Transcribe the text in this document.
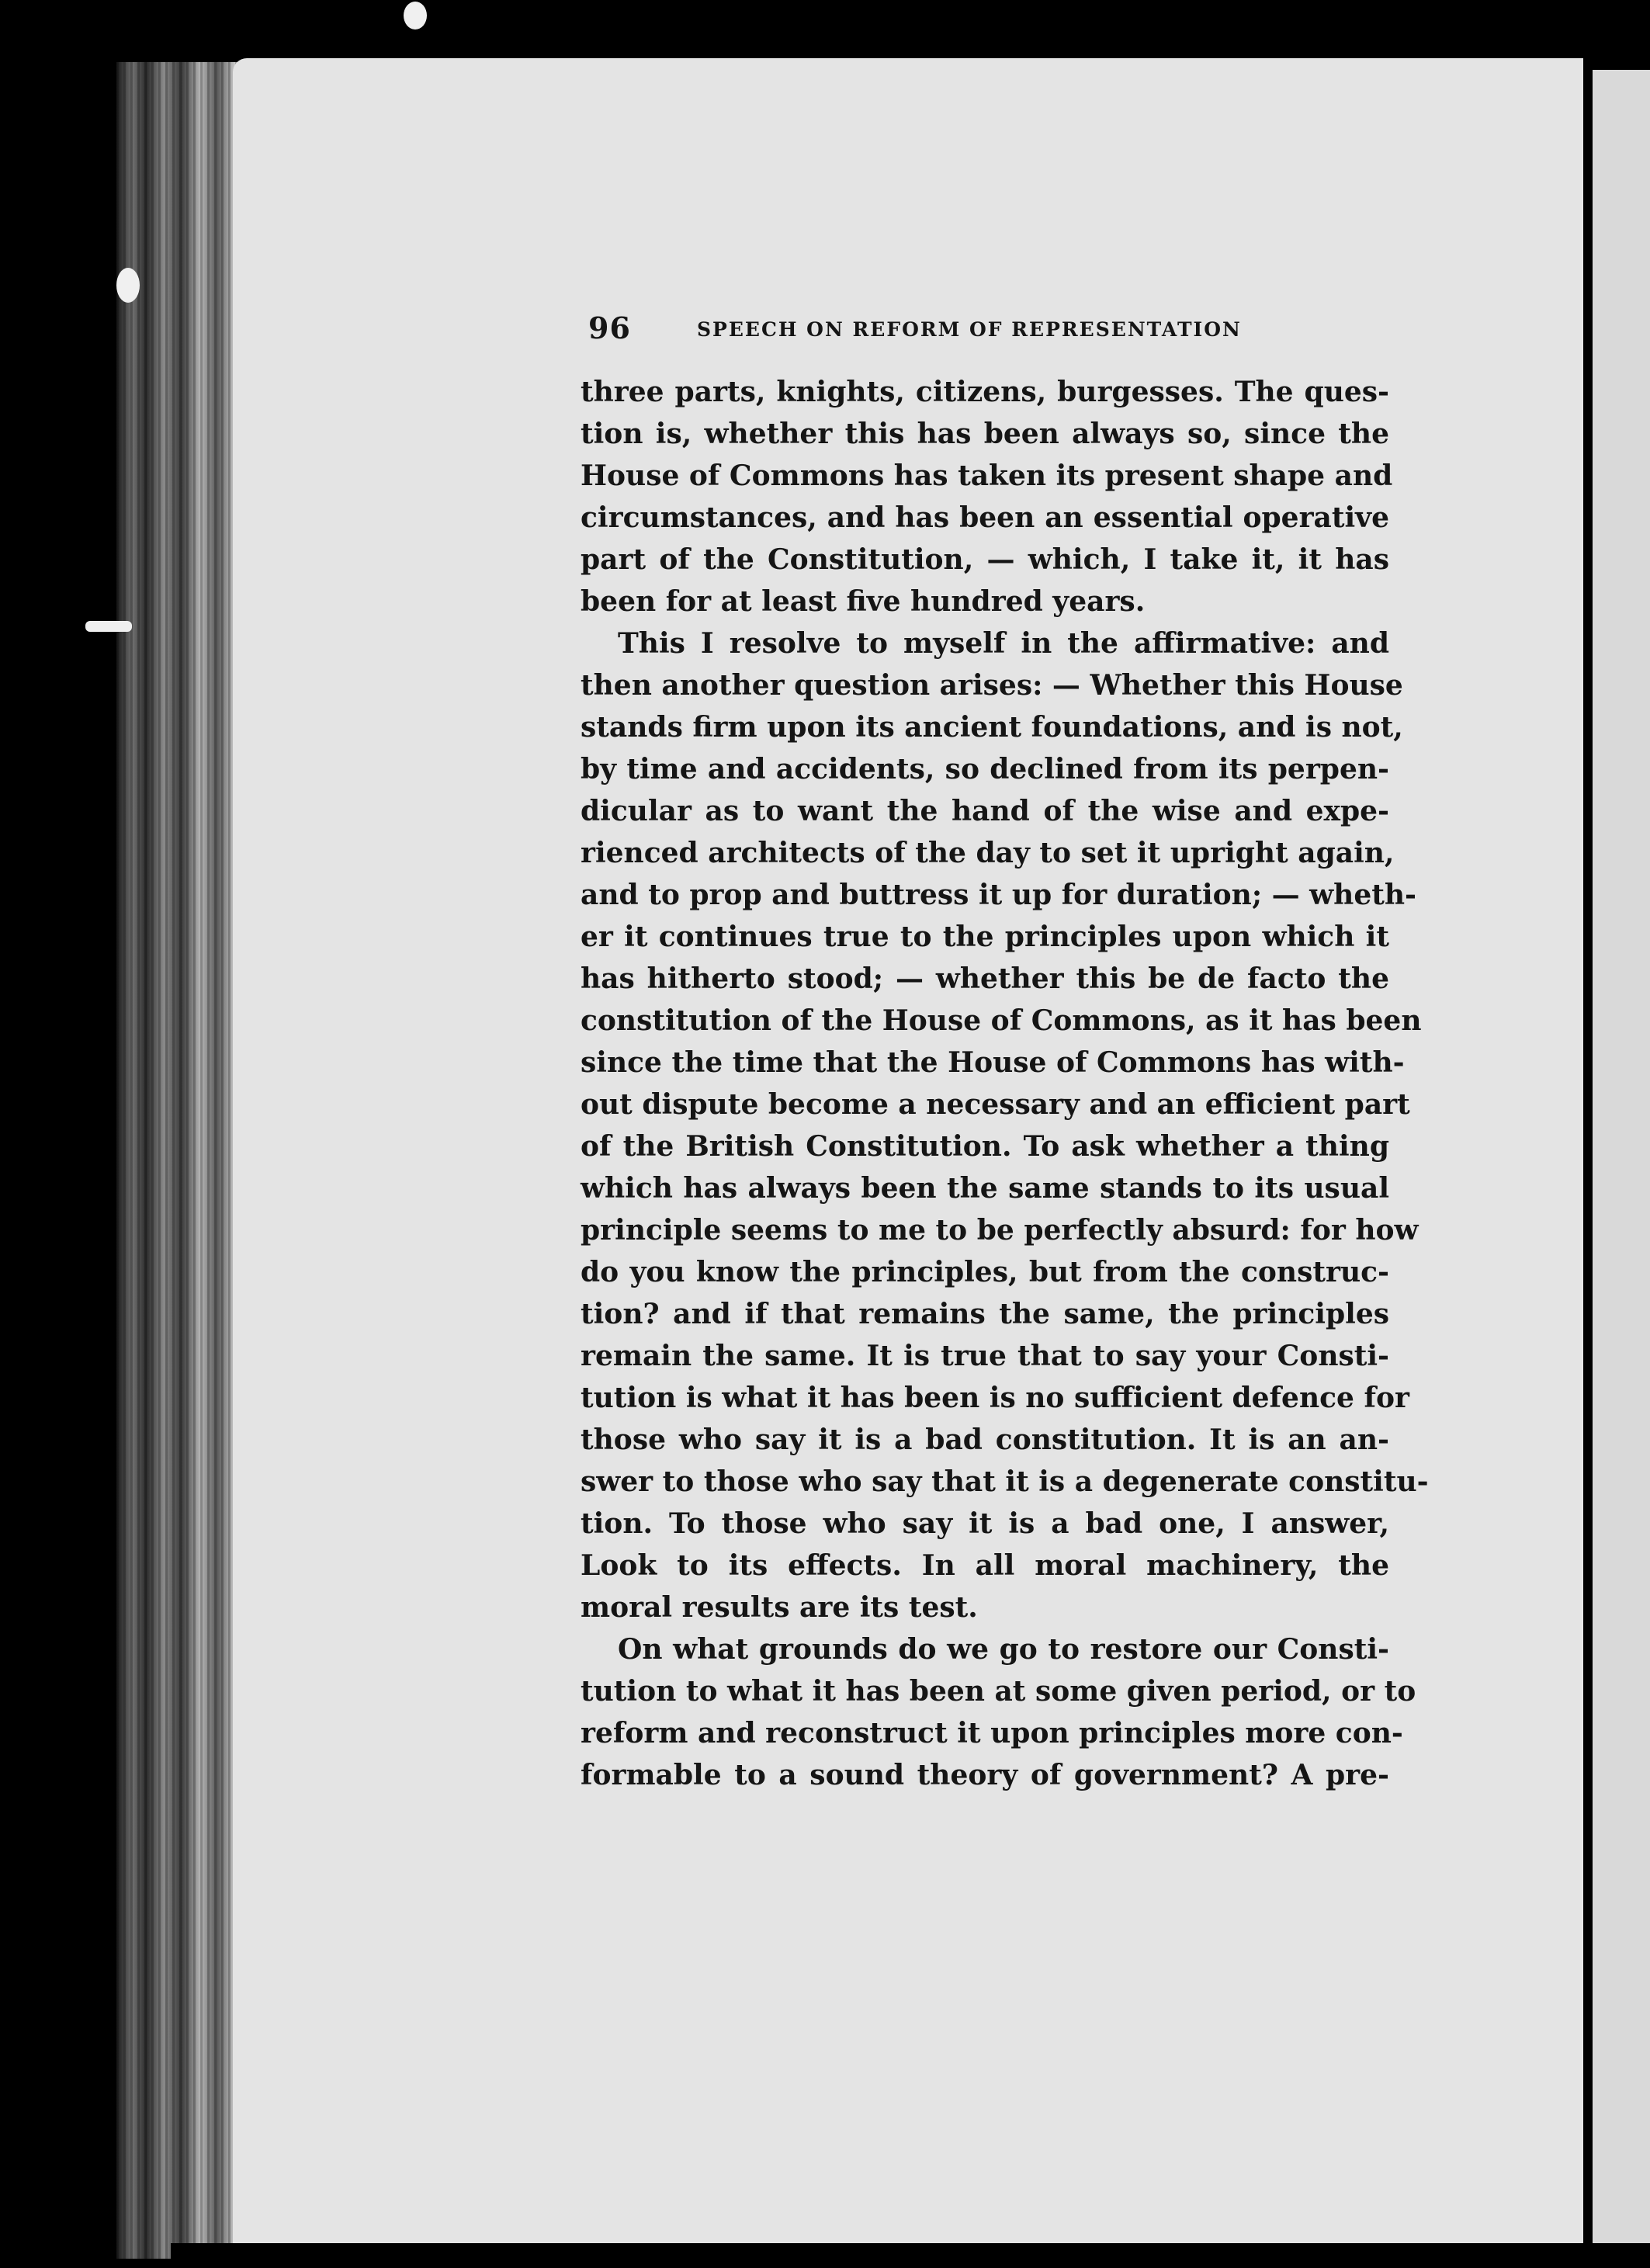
96	SPEECH ON REFORM OF REPRESENTATION
three parts, knights, citizens, burgesses. The ques-
tion is, whether this has been always so, since the
House of Commons has taken its present shape and
circumstances, and has been an essential operative
part of the Constitution, — which, I take it, it has
been for at least five hundred years.
This I resolve to myself in the affirmative: and
then another question arises: — Whether this House
stands firm upon its ancient foundations, and is not,
by time and accidents, so declined from its perpen-
dicular as to want the hand of the wise and expe-
rienced architects of the day to set it upright again,
and to prop and buttress it up for duration; — wheth-
er it continues true to the principles upon which it
has hitherto stood; — whether this be de facto the
constitution of the House of Commons, as it has been
since the time that the House of Commons has with-
out dispute become a necessary and an efficient part
of the British Constitution. To ask whether a thing
which has always been the same stands to its usual
principle seems to me to be perfectly absurd: for how
do you know the principles, but from the construc-
tion? and if that remains the same, the principles
remain the same. It is true that to say your Consti-
tution is what it has been is no sufficient defence for
those who say it is a bad constitution. It is an an-
swer to those who say that it is a degenerate constitu-
tion. To those who say it is a bad one, I answer,
Look to its effects. In all moral machinery, the
moral results are its test.
On what grounds do we go to restore our Consti-
tution to what it has been at some given period, or to
reform and reconstruct it upon principles more con-
formable to a sound theory of government? A pre-
